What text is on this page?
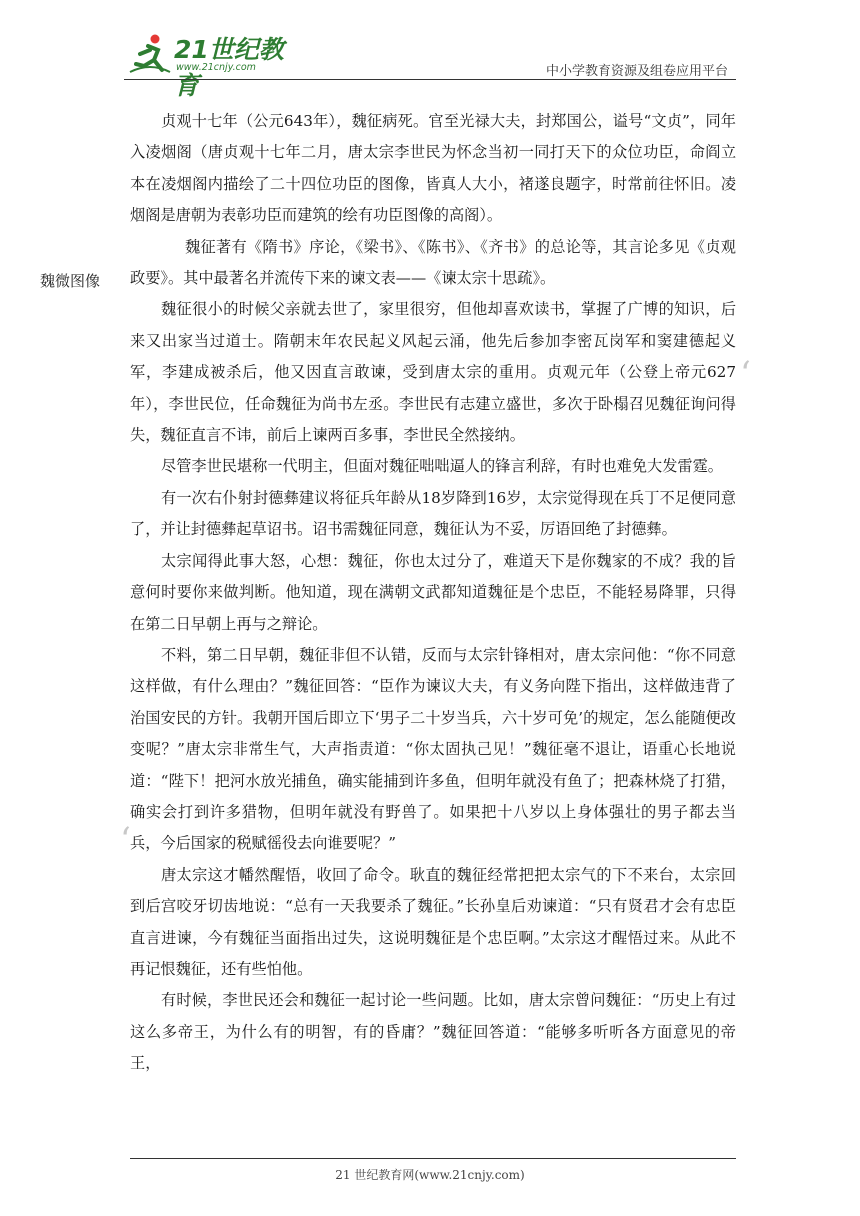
21世纪教育
www.21cnjy.com	中小学教育资源及组卷应用平台
魏微图像
‘
‘

贞观十七年（公元643年），魏征病死。官至光禄大夫，封郑国公，谥号“文贞”，同年入凌烟阁（唐贞观十七年二月，唐太宗李世民为怀念当初一同打天下的众位功臣，命阎立本在凌烟阁内描绘了二十四位功臣的图像，皆真人大小，褚遂良题字，时常前往怀旧。凌烟阁是唐朝为表彰功臣而建筑的绘有功臣图像的高阁）。

魏征著有《隋书》序论，《梁书》、《陈书》、《齐书》的总论等，其言论多见《贞观政要》。其中最著名并流传下来的谏文表——《谏太宗十思疏》。

魏征很小的时候父亲就去世了，家里很穷，但他却喜欢读书，掌握了广博的知识，后来又出家当过道士。隋朝末年农民起义风起云涌，他先后参加李密瓦岗军和窦建德起义军，李建成被杀后，他又因直言敢谏，受到唐太宗的重用。贞观元年（公登上帝元627年），李世民位，任命魏征为尚书左丞。李世民有志建立盛世，多次于卧榻召见魏征询问得失，魏征直言不讳，前后上谏两百多事，李世民全然接纳。

尽管李世民堪称一代明主，但面对魏征咄咄逼人的锋言利辞，有时也难免大发雷霆。

有一次右仆射封德彝建议将征兵年龄从18岁降到16岁，太宗觉得现在兵丁不足便同意了，并让封德彝起草诏书。诏书需魏征同意，魏征认为不妥，厉语回绝了封德彝。

太宗闻得此事大怒，心想：魏征，你也太过分了，难道天下是你魏家的不成？我的旨意何时要你来做判断。他知道，现在满朝文武都知道魏征是个忠臣，不能轻易降罪，只得在第二日早朝上再与之辩论。

不料，第二日早朝，魏征非但不认错，反而与太宗针锋相对，唐太宗问他：“你不同意这样做，有什么理由？”魏征回答：“臣作为谏议大夫，有义务向陛下指出，这样做违背了治国安民的方针。我朝开国后即立下‘男子二十岁当兵，六十岁可免’的规定，怎么能随便改变呢？”唐太宗非常生气，大声指责道：“你太固执己见！”魏征毫不退让，语重心长地说道：“陛下！把河水放光捕鱼，确实能捕到许多鱼，但明年就没有鱼了；把森林烧了打猎，确实会打到许多猎物，但明年就没有野兽了。如果把十八岁以上身体强壮的男子都去当兵，今后国家的税赋徭役去向谁要呢？”

唐太宗这才幡然醒悟，收回了命令。耿直的魏征经常把把太宗气的下不来台，太宗回到后宫咬牙切齿地说：“总有一天我要杀了魏征。”长孙皇后劝谏道：“只有贤君才会有忠臣直言进谏，今有魏征当面指出过失，这说明魏征是个忠臣啊。”太宗这才醒悟过来。从此不再记恨魏征，还有些怕他。

有时候，李世民还会和魏征一起讨论一些问题。比如，唐太宗曾问魏征：“历史上有过这么多帝王，为什么有的明智，有的昏庸？”魏征回答道：“能够多听听各方面意见的帝王，

21 世纪教育网(www.21cnjy.com)
